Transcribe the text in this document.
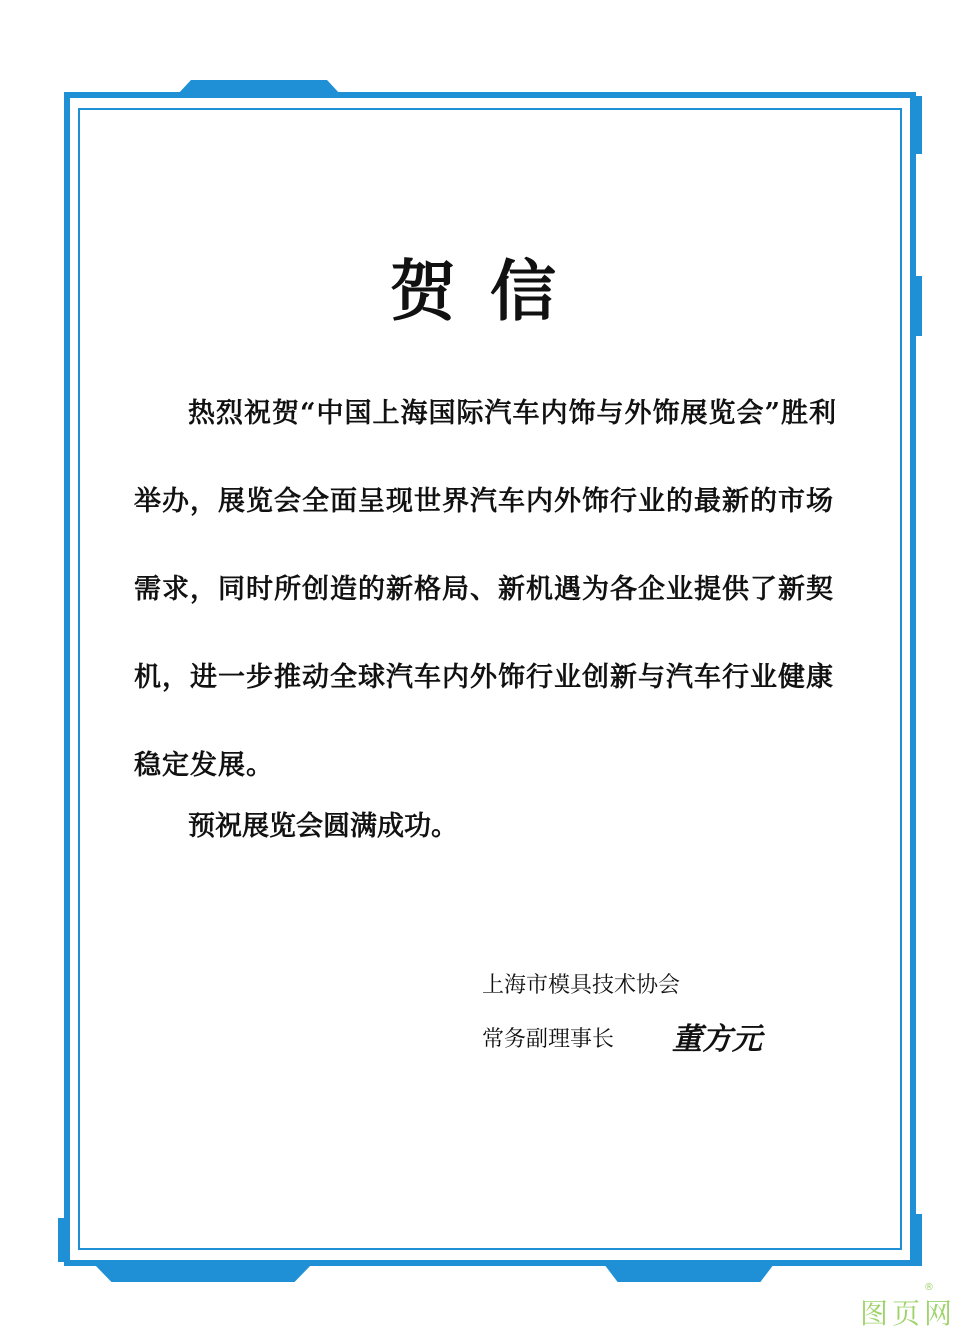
贺信
热烈祝贺“中国上海国际汽车内饰与外饰展览会”胜利举办，展览会全面呈现世界汽车内外饰行业的最新的市场需求，同时所创造的新格局、新机遇为各企业提供了新契机，进一步推动全球汽车内外饰行业创新与汽车行业健康稳定发展。
预祝展览会圆满成功。
上海市模具技术协会
常务副理事长 董方元
图页网
®
